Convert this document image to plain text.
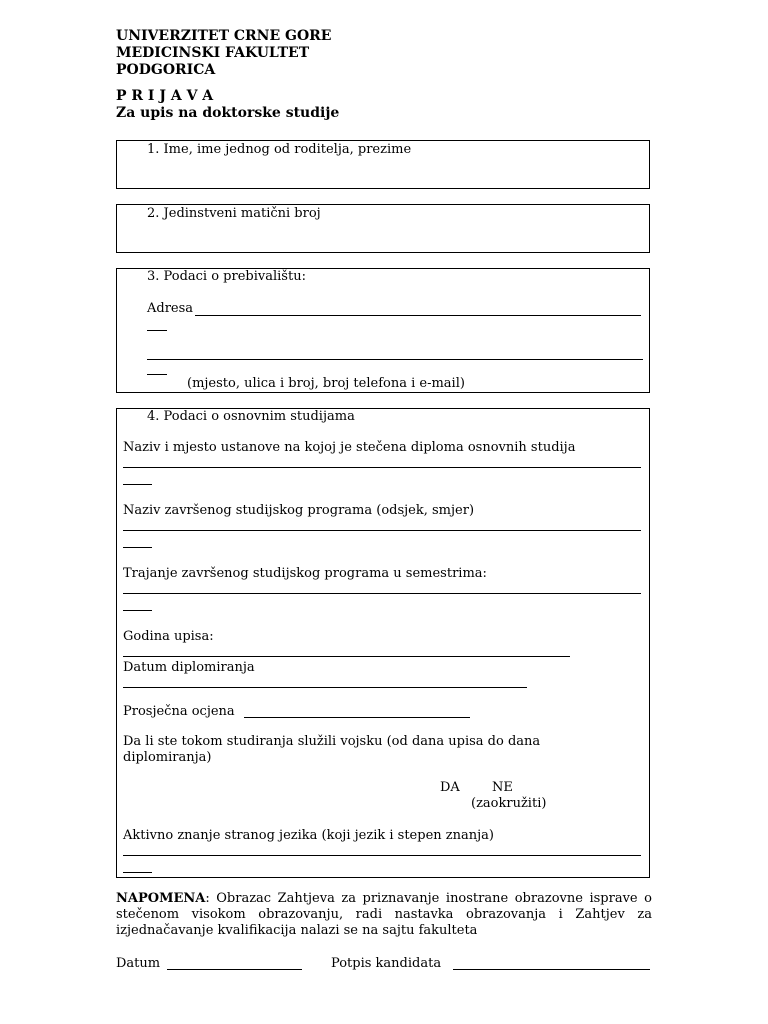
UNIVERZITET CRNE GORE
MEDICINSKI FAKULTET
PODGORICA
P R I J A V A
Za upis na doktorske studije
1. Ime, ime jednog od roditelja, prezime
2. Jedinstveni matični broj
3. Podaci o prebivalištu:
Adresa
(mjesto, ulica i broj, broj telefona i e-mail)
4. Podaci o osnovnim studijama
Naziv i mjesto ustanove na kojoj je stečena diploma osnovnih studija
Naziv završenog studijskog programa (odsjek, smjer)
Trajanje završenog studijskog programa u semestrima:
Godina upisa:
Datum diplomiranja
Prosječna ocjena
Da li ste tokom studiranja služili vojsku (od dana upisa do dana diplomiranja)
DA NE
(zaokružiti)
Aktivno znanje stranog jezika (koji jezik i stepen znanja)
NAPOMENA: Obrazac Zahtjeva za priznavanje inostrane obrazovne isprave o stečenom visokom obrazovanju, radi nastavka obrazovanja i Zahtjev za izjednačavanje kvalifikacija nalazi se na sajtu fakulteta
Datum	Potpis kandidata
